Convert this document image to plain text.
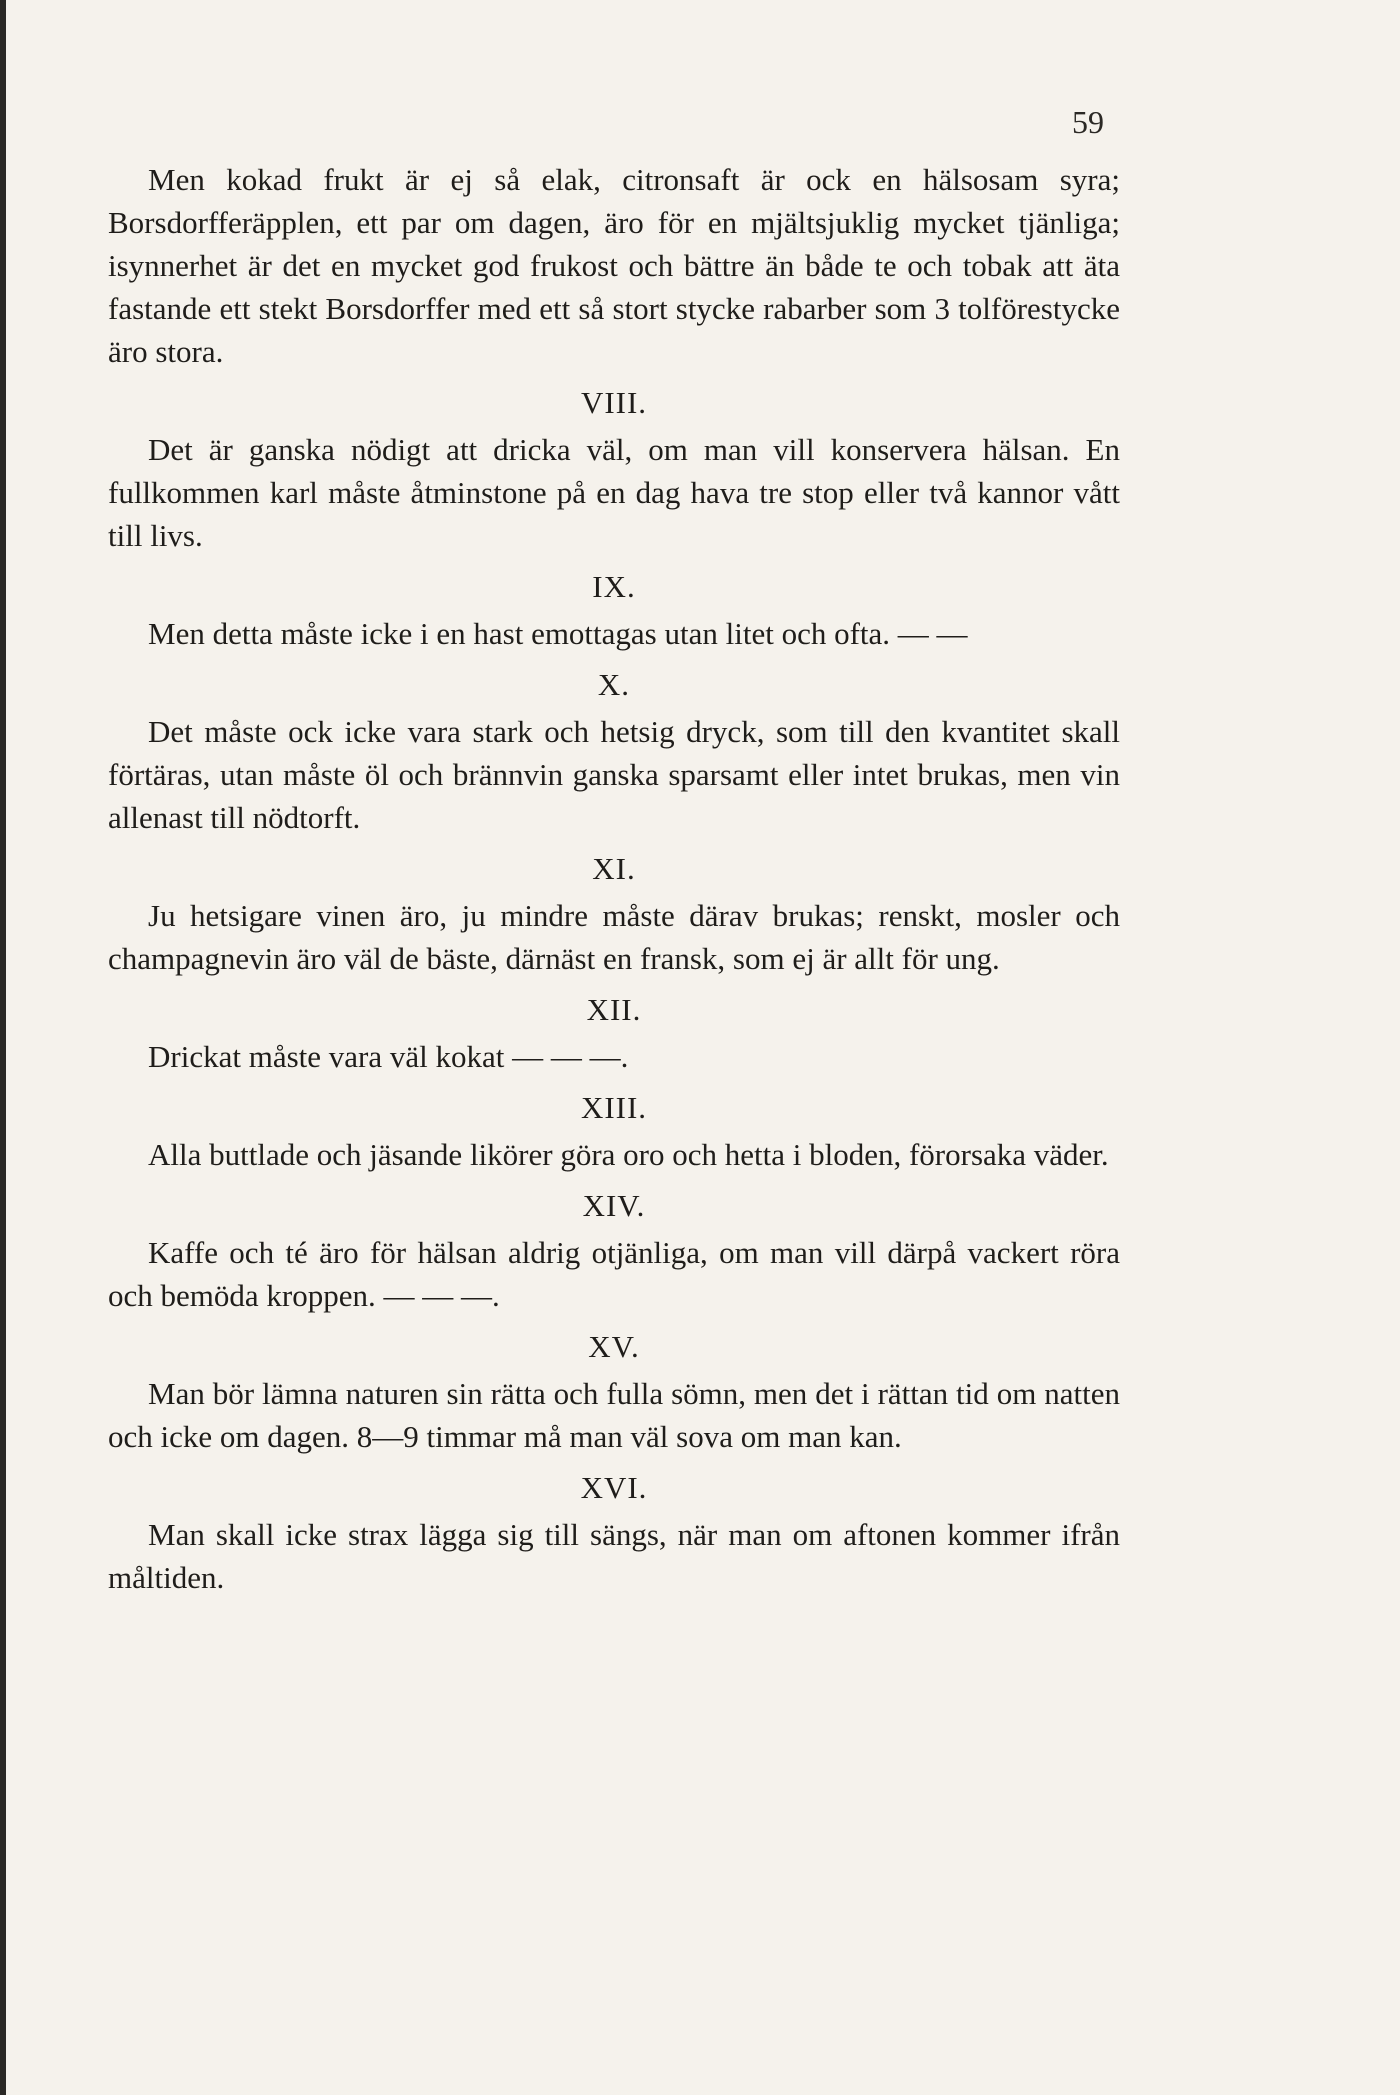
59

Men kokad frukt är ej så elak, citronsaft är ock en hälsosam syra; Borsdorfferäpplen, ett par om dagen, äro för en mjältsjuklig mycket tjänliga; isynnerhet är det en mycket god frukost och bättre än både te och tobak att äta fastande ett stekt Borsdorffer med ett så stort stycke rabarber som 3 tolförestycke äro stora.

VIII.

Det är ganska nödigt att dricka väl, om man vill konservera hälsan. En fullkommen karl måste åtminstone på en dag hava tre stop eller två kannor vått till livs.

IX.

Men detta måste icke i en hast emottagas utan litet och ofta. — —

X.

Det måste ock icke vara stark och hetsig dryck, som till den kvantitet skall förtäras, utan måste öl och brännvin ganska sparsamt eller intet brukas, men vin allenast till nödtorft.

XI.

Ju hetsigare vinen äro, ju mindre måste därav brukas; renskt, mosler och champagnevin äro väl de bäste, därnäst en fransk, som ej är allt för ung.

XII.

Drickat måste vara väl kokat — — —.

XIII.

Alla buttlade och jäsande likörer göra oro och hetta i bloden, förorsaka väder.

XIV.

Kaffe och té äro för hälsan aldrig otjänliga, om man vill därpå vackert röra och bemöda kroppen. — — —.

XV.

Man bör lämna naturen sin rätta och fulla sömn, men det i rättan tid om natten och icke om dagen. 8—9 timmar må man väl sova om man kan.

XVI.

Man skall icke strax lägga sig till sängs, när man om aftonen kommer ifrån måltiden.
